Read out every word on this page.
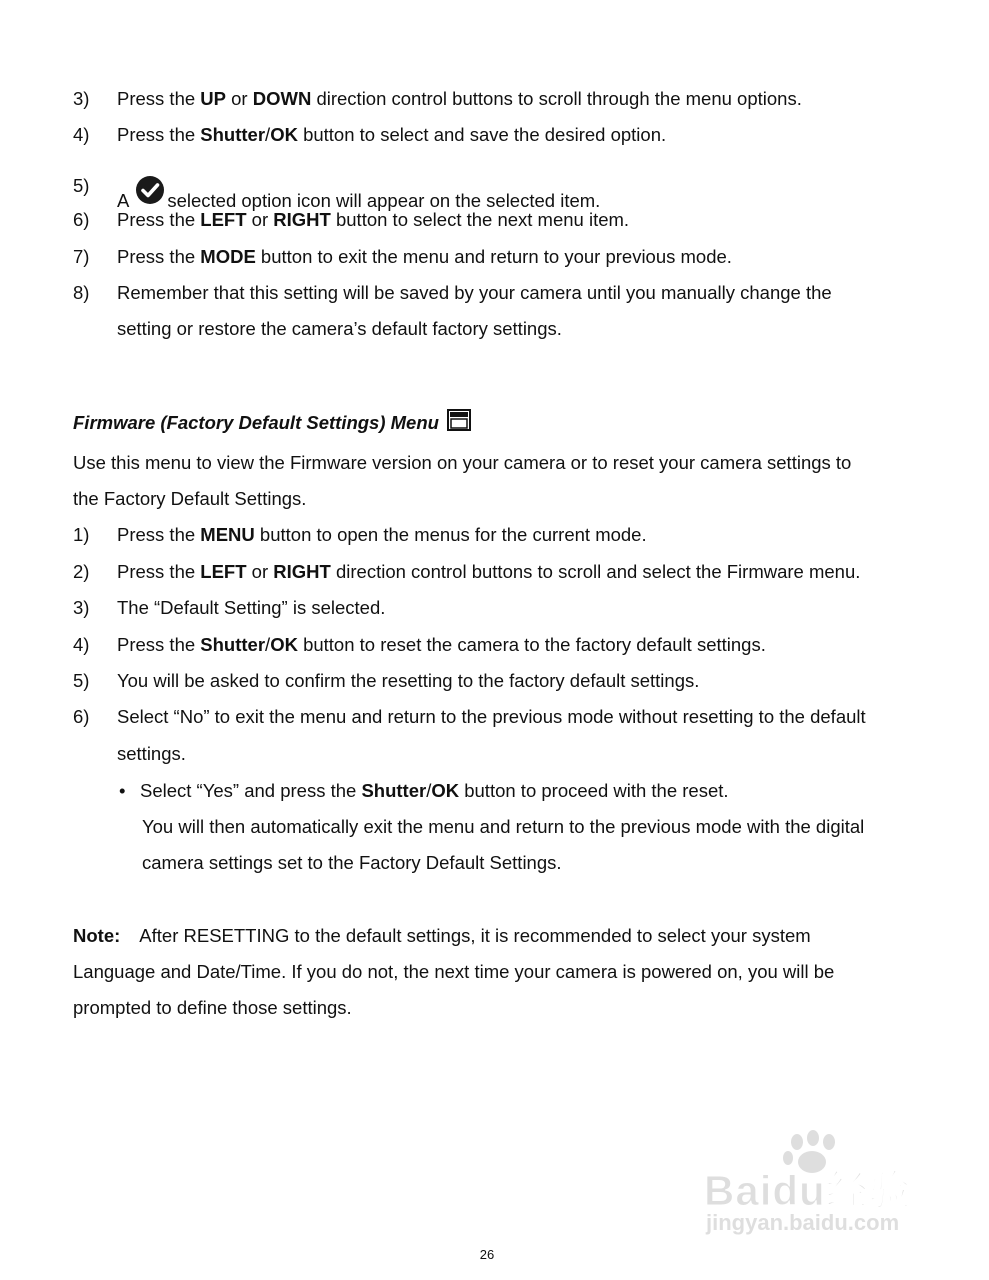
3) Press the UP or DOWN direction control buttons to scroll through the menu options.
4) Press the Shutter/OK button to select and save the desired option.
5)
A selected option icon will appear on the selected item.
6) Press the LEFT or RIGHT button to select the next menu item.
7) Press the MODE button to exit the menu and return to your previous mode.
8) Remember that this setting will be saved by your camera until you manually change the
setting or restore the camera’s default factory settings.
Firmware (Factory Default Settings) Menu
Use this menu to view the Firmware version on your camera or to reset your camera settings to
the Factory Default Settings.
1) Press the MENU button to open the menus for the current mode.
2) Press the LEFT or RIGHT direction control buttons to scroll and select the Firmware menu.
3) The “Default Setting” is selected.
4) Press the Shutter/OK button to reset the camera to the factory default settings.
5) You will be asked to confirm the resetting to the factory default settings.
6) Select “No” to exit the menu and return to the previous mode without resetting to the default
settings.
• Select “Yes” and press the Shutter/OK button to proceed with the reset.
You will then automatically exit the menu and return to the previous mode with the digital
camera settings set to the Factory Default Settings.
Note: After RESETTING to the default settings, it is recommended to select your system
Language and Date/Time. If you do not, the next time your camera is powered on, you will be
prompted to define those settings.
Baidu经验
jingyan.baidu.com
26
